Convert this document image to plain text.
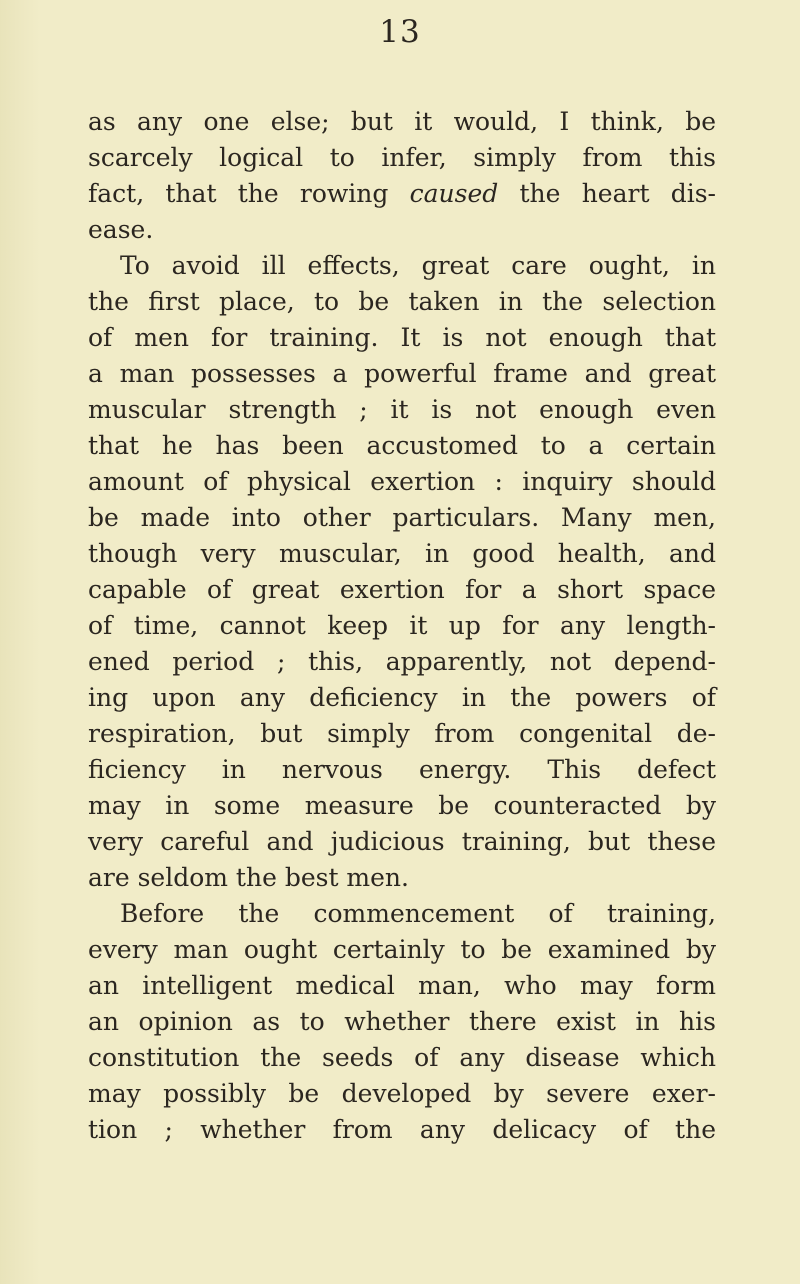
13
as any one else; but it would, I think, be
scarcely logical to infer, simply from this
fact, that the rowing caused the heart dis-
ease.
To avoid ill effects, great care ought, in
the first place, to be taken in the selection
of men for training. It is not enough that
a man possesses a powerful frame and great
muscular strength ; it is not enough even
that he has been accustomed to a certain
amount of physical exertion : inquiry should
be made into other particulars. Many men,
though very muscular, in good health, and
capable of great exertion for a short space
of time, cannot keep it up for any length-
ened period ; this, apparently, not depend-
ing upon any deficiency in the powers of
respiration, but simply from congenital de-
ficiency in nervous energy. This defect
may in some measure be counteracted by
very careful and judicious training, but these
are seldom the best men.
Before the commencement of training,
every man ought certainly to be examined by
an intelligent medical man, who may form
an opinion as to whether there exist in his
constitution the seeds of any disease which
may possibly be developed by severe exer-
tion ; whether from any delicacy of the
